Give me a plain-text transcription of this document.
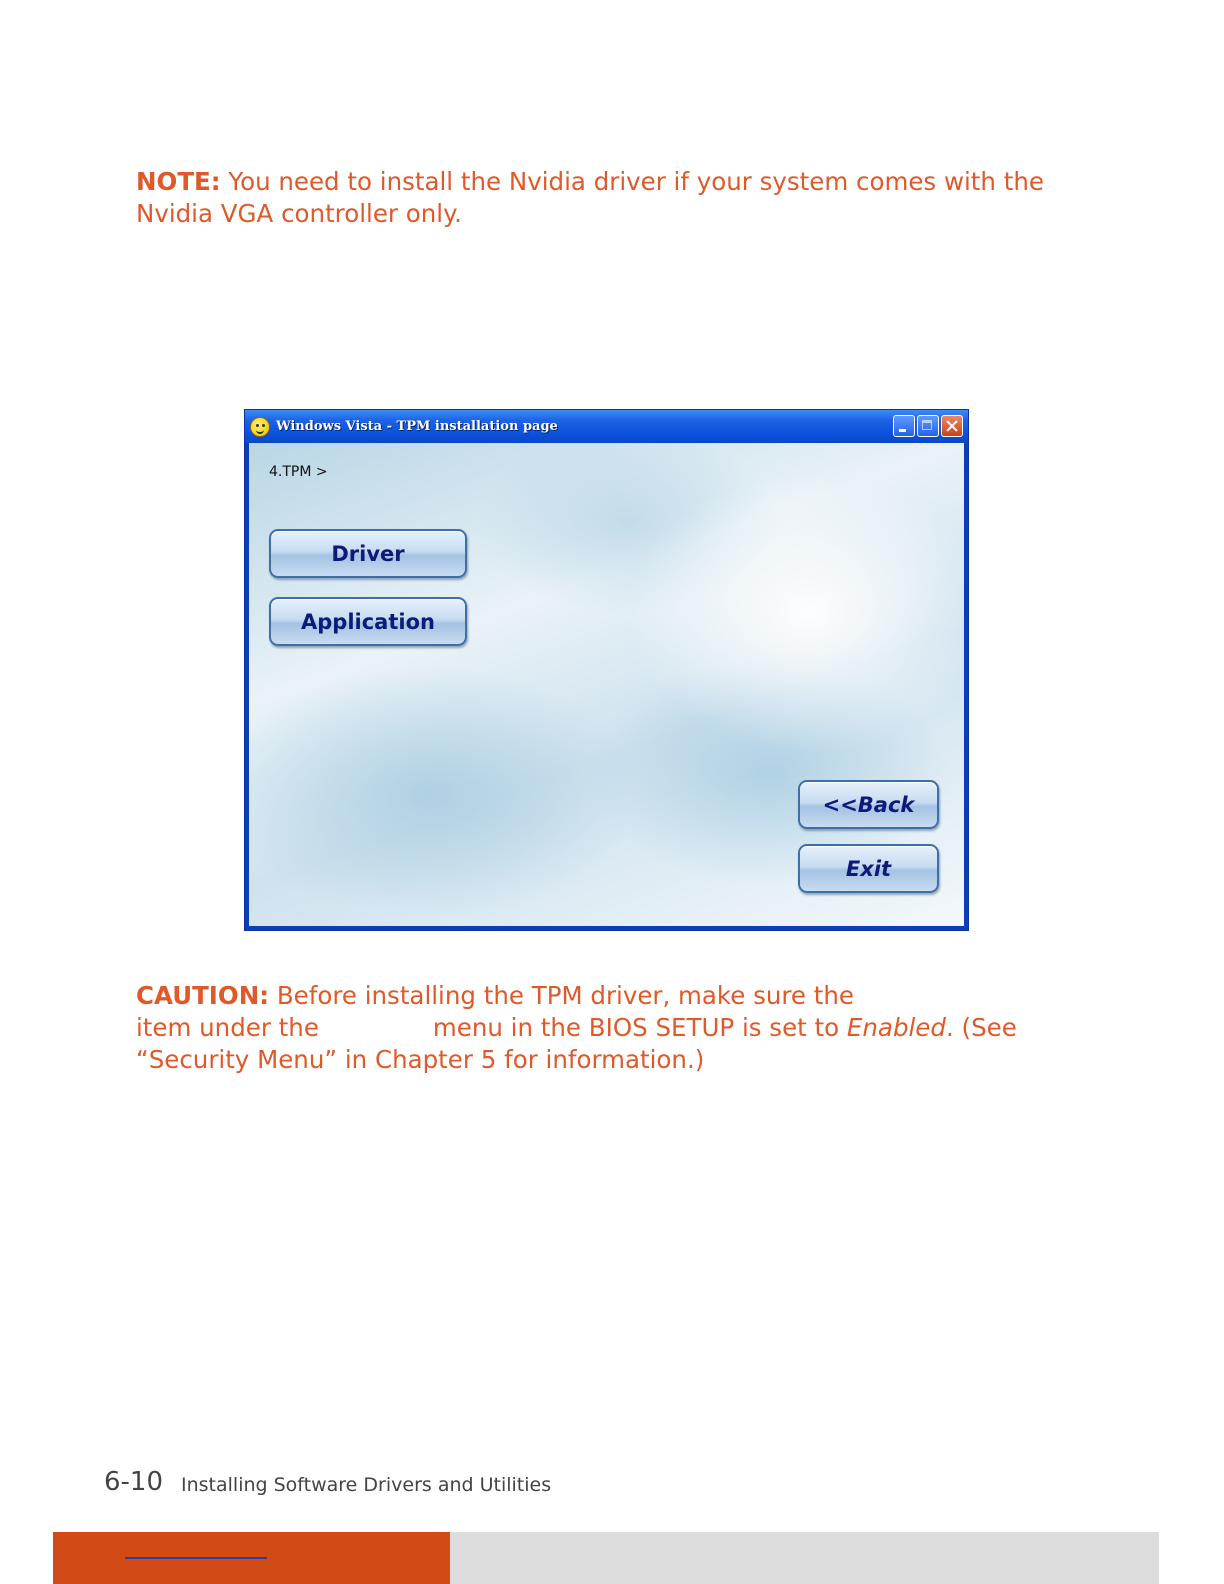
NOTE: You need to install the Nvidia driver if your system comes with the
Nvidia VGA controller only.
Windows Vista - TPM installation page
4.TPM >
Driver
Application
<<Back
Exit
CAUTION: Before installing the TPM driver, make sure the
item under the	menu in the BIOS SETUP is set to Enabled. (See
“Security Menu” in Chapter 5 for information.)
6-10 Installing Software Drivers and Utilities
